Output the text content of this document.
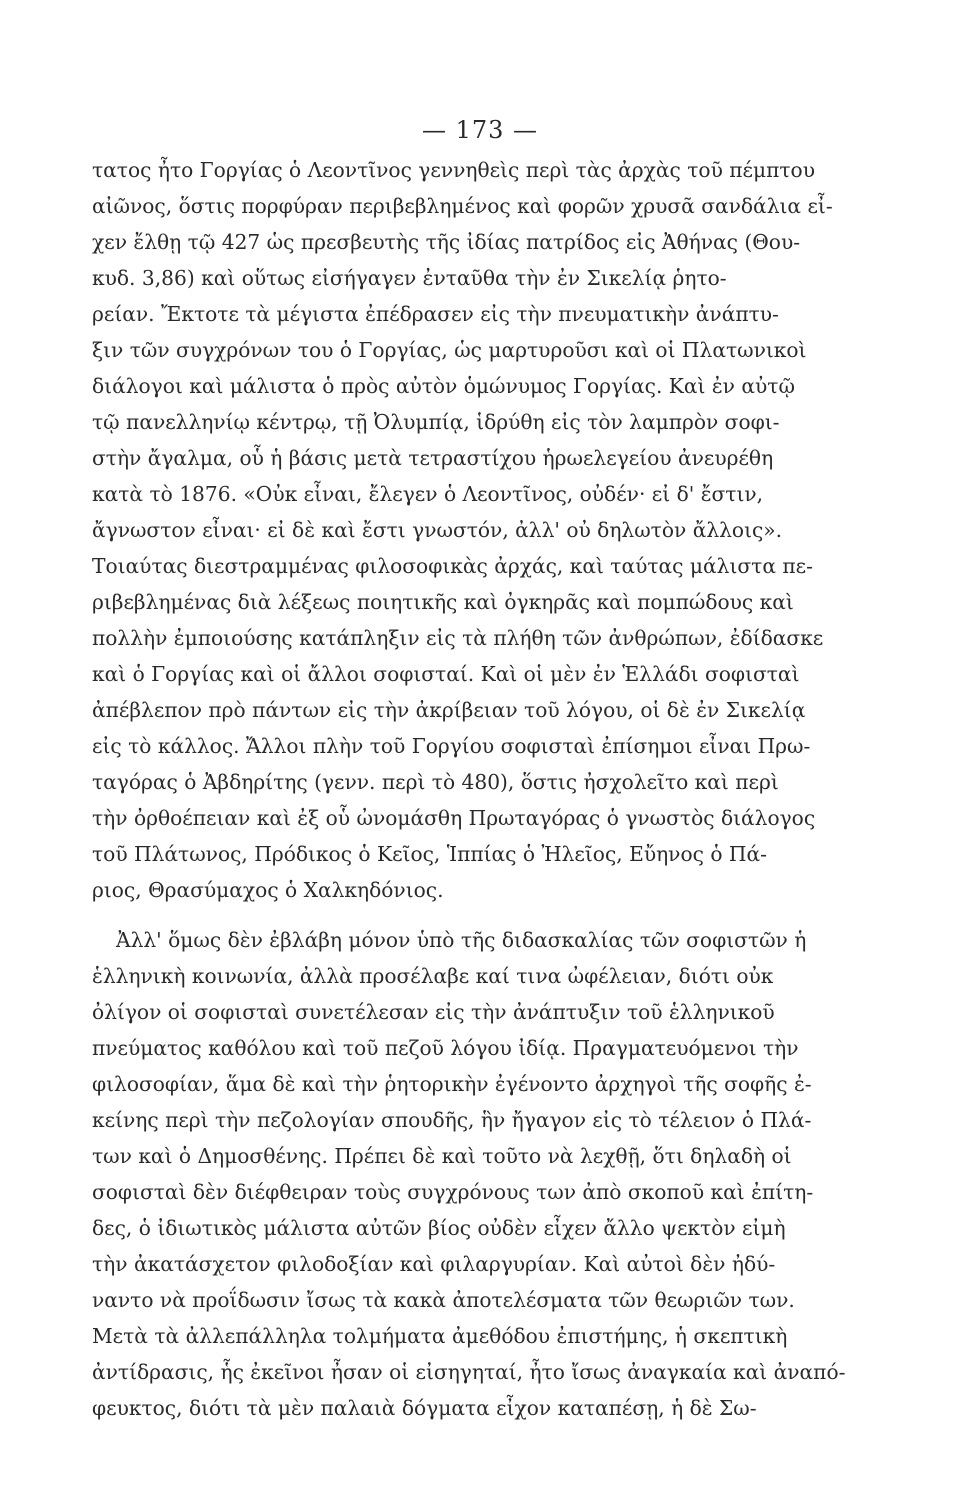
— 173 —
τατος ἦτο Γοργίας ὁ Λεοντῖνος γεννηθεὶς περὶ τὰς ἀρχὰς τοῦ πέμπτου
αἰῶνος, ὅστις πορφύραν περιβεβλημένος καὶ φορῶν χρυσᾶ σανδάλια εἶ-
χεν ἔλθῃ τῷ 427 ὡς πρεσβευτὴς τῆς ἰδίας πατρίδος εἰς Ἀθήνας (Θου-
κυδ. 3,86) καὶ οὕτως εἰσήγαγεν ἐνταῦθα τὴν ἐν Σικελίᾳ ῥητο-
ρείαν. Ἔκτοτε τὰ μέγιστα ἐπέδρασεν εἰς τὴν πνευματικὴν ἀνάπτυ-
ξιν τῶν συγχρόνων του ὁ Γοργίας, ὡς μαρτυροῦσι καὶ οἱ Πλατωνικοὶ
διάλογοι καὶ μάλιστα ὁ πρὸς αὐτὸν ὁμώνυμος Γοργίας. Καὶ ἐν αὐτῷ
τῷ πανελληνίῳ κέντρῳ, τῇ Ὀλυμπίᾳ, ἱδρύθη εἰς τὸν λαμπρὸν σοφι-
στὴν ἄγαλμα, οὗ ἡ βάσις μετὰ τετραστίχου ἡρωελεγείου ἀνευρέθη
κατὰ τὸ 1876. «Οὐκ εἶναι, ἔλεγεν ὁ Λεοντῖνος, οὐδέν· εἰ δ' ἔστιν,
ἄγνωστον εἶναι· εἰ δὲ καὶ ἔστι γνωστόν, ἀλλ' οὐ δηλωτὸν ἄλλοις».
Τοιαύτας διεστραμμένας φιλοσοφικὰς ἀρχάς, καὶ ταύτας μάλιστα πε-
ριβεβλημένας διὰ λέξεως ποιητικῆς καὶ ὀγκηρᾶς καὶ πομπώδους καὶ
πολλὴν ἐμποιούσης κατάπληξιν εἰς τὰ πλήθη τῶν ἀνθρώπων, ἐδίδασκε
καὶ ὁ Γοργίας καὶ οἱ ἄλλοι σοφισταί. Καὶ οἱ μὲν ἐν Ἑλλάδι σοφισταὶ
ἀπέβλεπον πρὸ πάντων εἰς τὴν ἀκρίβειαν τοῦ λόγου, οἱ δὲ ἐν Σικελίᾳ
εἰς τὸ κάλλος. Ἄλλοι πλὴν τοῦ Γοργίου σοφισταὶ ἐπίσημοι εἶναι Πρω-
ταγόρας ὁ Ἀβδηρίτης (γενν. περὶ τὸ 480), ὅστις ἠσχολεῖτο καὶ περὶ
τὴν ὀρθοέπειαν καὶ ἐξ οὗ ὠνομάσθη Πρωταγόρας ὁ γνωστὸς διάλογος
τοῦ Πλάτωνος, Πρόδικος ὁ Κεῖος, Ἱππίας ὁ Ἠλεῖος, Εὔηνος ὁ Πά-
ριος, Θρασύμαχος ὁ Χαλκηδόνιος.
Ἀλλ' ὅμως δὲν ἐβλάβη μόνον ὑπὸ τῆς διδασκαλίας τῶν σοφιστῶν ἡ
ἑλληνικὴ κοινωνία, ἀλλὰ προσέλαβε καί τινα ὠφέλειαν, διότι οὐκ
ὀλίγον οἱ σοφισταὶ συνετέλεσαν εἰς τὴν ἀνάπτυξιν τοῦ ἑλληνικοῦ
πνεύματος καθόλου καὶ τοῦ πεζοῦ λόγου ἰδίᾳ. Πραγματευόμενοι τὴν
φιλοσοφίαν, ἅμα δὲ καὶ τὴν ῥητορικὴν ἐγένοντο ἀρχηγοὶ τῆς σοφῆς ἐ-
κείνης περὶ τὴν πεζολογίαν σπουδῆς, ἣν ἤγαγον εἰς τὸ τέλειον ὁ Πλά-
των καὶ ὁ Δημοσθένης. Πρέπει δὲ καὶ τοῦτο νὰ λεχθῇ, ὅτι δηλαδὴ οἱ
σοφισταὶ δὲν διέφθειραν τοὺς συγχρόνους των ἀπὸ σκοποῦ καὶ ἐπίτη-
δες, ὁ ἰδιωτικὸς μάλιστα αὐτῶν βίος οὐδὲν εἶχεν ἄλλο ψεκτὸν εἰμὴ
τὴν ἀκατάσχετον φιλοδοξίαν καὶ φιλαργυρίαν. Καὶ αὐτοὶ δὲν ἠδύ-
ναντο νὰ προΐδωσιν ἴσως τὰ κακὰ ἀποτελέσματα τῶν θεωριῶν των.
Μετὰ τὰ ἀλλεπάλληλα τολμήματα ἀμεθόδου ἐπιστήμης, ἡ σκεπτικὴ
ἀντίδρασις, ἧς ἐκεῖνοι ἦσαν οἱ εἰσηγηταί, ἦτο ἴσως ἀναγκαία καὶ ἀναπό-
φευκτος, διότι τὰ μὲν παλαιὰ δόγματα εἶχον καταπέσῃ, ἡ δὲ Σω-
